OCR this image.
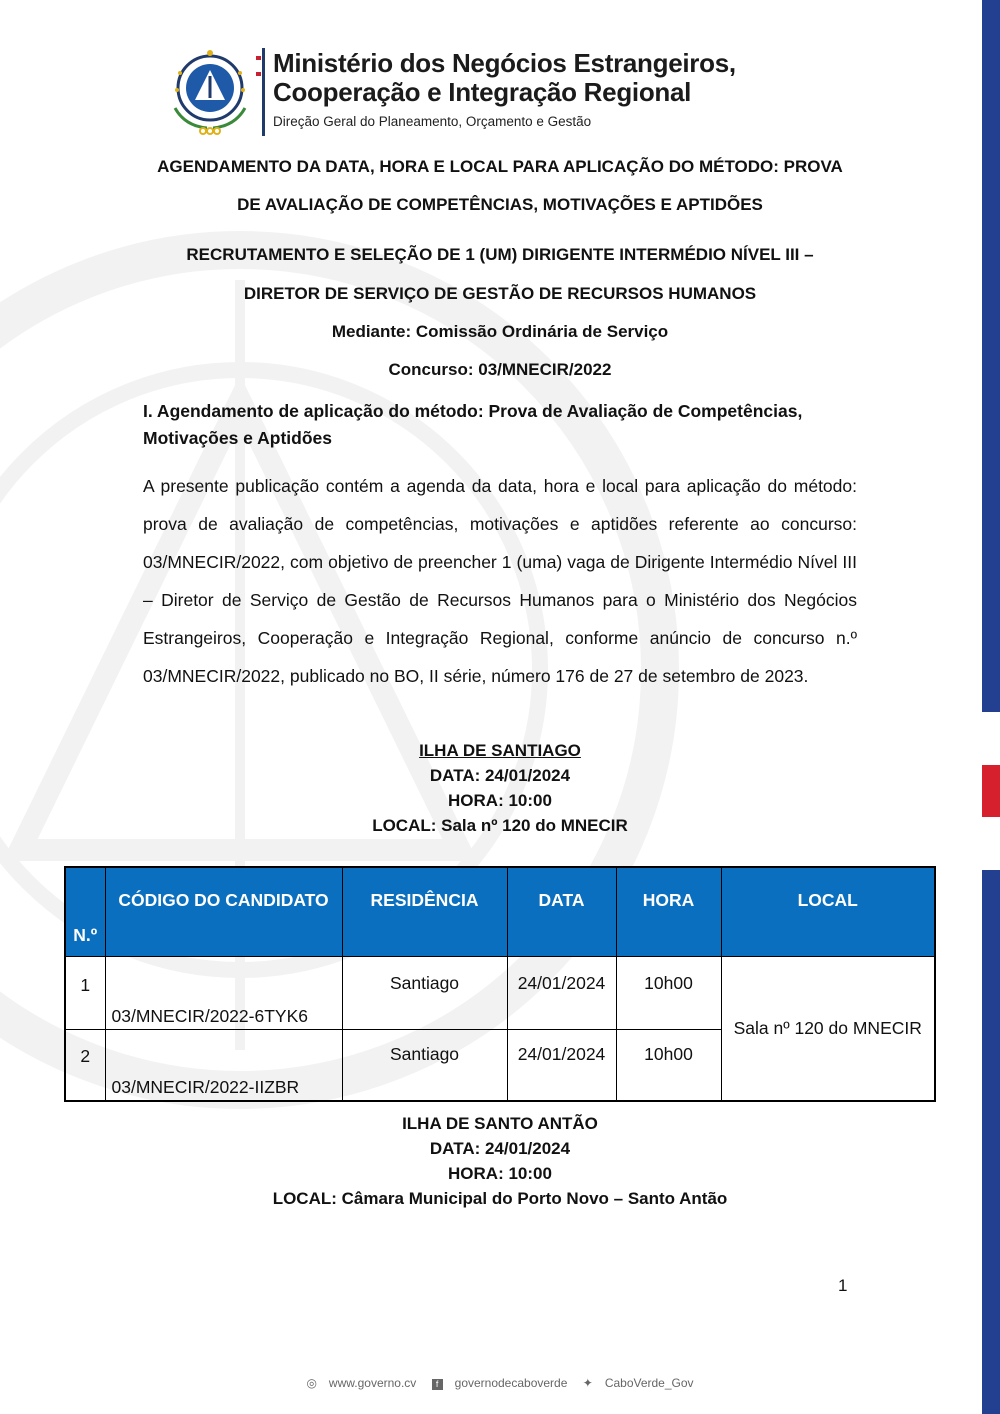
Ministério dos Negócios Estrangeiros,
Cooperação e Integração Regional
Direção Geral do Planeamento, Orçamento e Gestão
AGENDAMENTO DA DATA, HORA E LOCAL PARA APLICAÇÃO DO MÉTODO: PROVA
DE AVALIAÇÃO DE COMPETÊNCIAS, MOTIVAÇÕES E APTIDÕES
RECRUTAMENTO E SELEÇÃO DE 1 (UM) DIRIGENTE INTERMÉDIO NÍVEL III –
DIRETOR DE SERVIÇO DE GESTÃO DE RECURSOS HUMANOS
Mediante: Comissão Ordinária de Serviço
Concurso: 03/MNECIR/2022
I. Agendamento de aplicação do método: Prova de Avaliação de Competências, Motivações e Aptidões
A presente publicação contém a agenda da data, hora e local para aplicação do método: prova de avaliação de competências, motivações e aptidões referente ao concurso: 03/MNECIR/2022, com objetivo de preencher 1 (uma) vaga de Dirigente Intermédio Nível III – Diretor de Serviço de Gestão de Recursos Humanos para o Ministério dos Negócios Estrangeiros, Cooperação e Integração Regional, conforme anúncio de concurso n.º 03/MNECIR/2022, publicado no BO, II série, número 176 de 27 de setembro de 2023.
ILHA DE SANTIAGO
DATA: 24/01/2024
HORA: 10:00
LOCAL: Sala nº 120 do MNECIR
N.º	CÓDIGO DO CANDIDATO	RESIDÊNCIA	DATA	HORA	LOCAL
1	03/MNECIR/2022-6TYK6	Santiago	24/01/2024	10h00	Sala nº 120 do MNECIR
2	03/MNECIR/2022-IIZBR	Santiago	24/01/2024	10h00	
ILHA DE SANTO ANTÃO
DATA: 24/01/2024
HORA: 10:00
LOCAL: Câmara Municipal do Porto Novo – Santo Antão
1
◎ www.governo.cv f governodecaboverde ✦ CaboVerde_Gov
